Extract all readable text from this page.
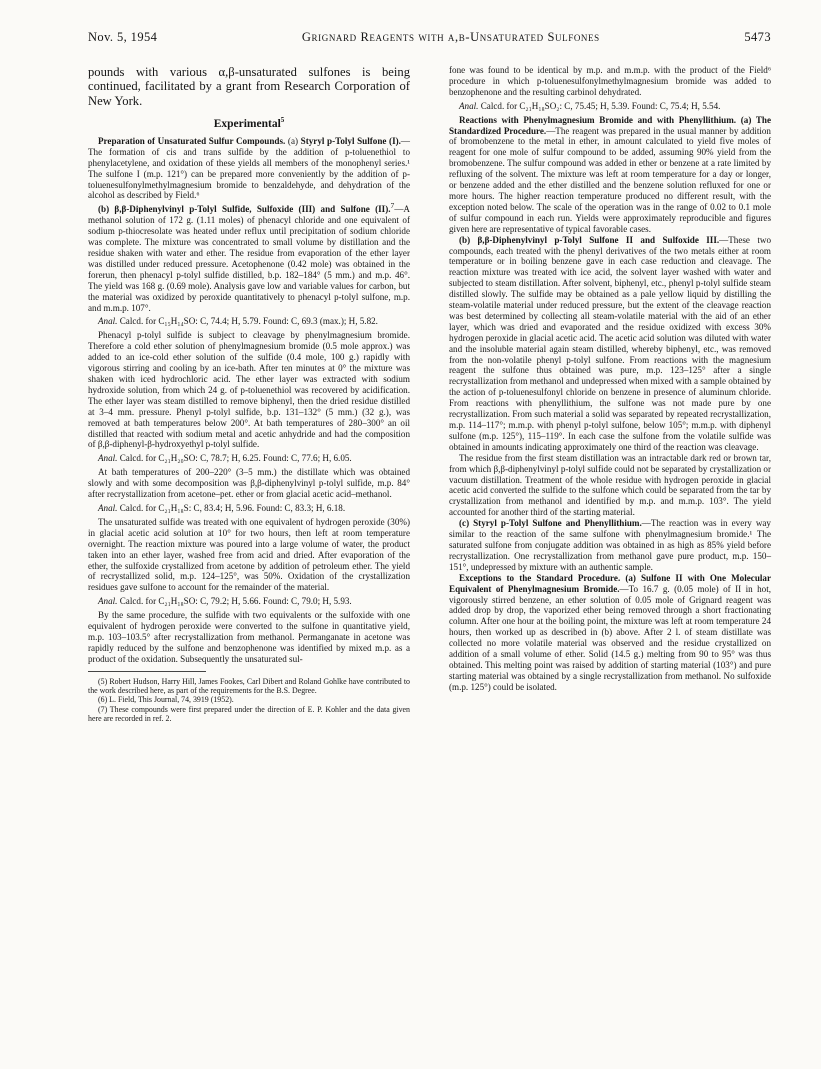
Nov. 5, 1954	Grignard Reagents with α,β-Unsaturated Sulfones	5473

pounds with various α,β-unsaturated sulfones is being continued, facilitated by a grant from Research Corporation of New York.

Experimental$^5$

Preparation of Unsaturated Sulfur Compounds. (a) Styryl p-Tolyl Sulfone (I).—The formation of cis and trans sulfide by the addition of p-toluenethiol to phenylacetylene, and oxidation of these yields all members of the monophenyl series.¹ The sulfone I (m.p. 121°) can be prepared more conveniently by the addition of p-toluenesulfonylmethylmagnesium bromide to benzaldehyde, and dehydration of the alcohol as described by Field.⁶

(b) β,β-Diphenylvinyl p-Tolyl Sulfide, Sulfoxide (III) and Sulfone (II).$^7$—A methanol solution of 172 g. (1.11 moles) of phenacyl chloride and one equivalent of sodium p-thiocresolate was heated under reflux until precipitation of sodium chloride was complete. The mixture was concentrated to small volume by distillation and the residue shaken with water and ether. The residue from evaporation of the ether layer was distilled under reduced pressure. Acetophenone (0.42 mole) was obtained in the forerun, then phenacyl p-tolyl sulfide distilled, b.p. 182–184° (5 mm.) and m.p. 46°. The yield was 168 g. (0.69 mole). Analysis gave low and variable values for carbon, but the material was oxidized by peroxide quantitatively to phenacyl p-tolyl sulfone, m.p. and m.m.p. 107°.

Anal. Calcd. for C₁₅H₁₄SO: C, 74.4; H, 5.79. Found: C, 69.3 (max.); H, 5.82.

Phenacyl p-tolyl sulfide is subject to cleavage by phenylmagnesium bromide. Therefore a cold ether solution of phenylmagnesium bromide (0.5 mole approx.) was added to an ice-cold ether solution of the sulfide (0.4 mole, 100 g.) rapidly with vigorous stirring and cooling by an ice-bath. After ten minutes at 0° the mixture was shaken with iced hydrochloric acid. The ether layer was extracted with sodium hydroxide solution, from which 24 g. of p-toluenethiol was recovered by acidification. The ether layer was steam distilled to remove biphenyl, then the dried residue distilled at 3–4 mm. pressure. Phenyl p-tolyl sulfide, b.p. 131–132° (5 mm.) (32 g.), was removed at bath temperatures below 200°. At bath temperatures of 280–300° an oil distilled that reacted with sodium metal and acetic anhydride and had the composition of β,β-diphenyl-β-hydroxyethyl p-tolyl sulfide.

Anal. Calcd. for C₂₁H₂₀SO: C, 78.7; H, 6.25. Found: C, 77.6; H, 6.05.

At bath temperatures of 200–220° (3–5 mm.) the distillate which was obtained slowly and with some decomposition was β,β-diphenylvinyl p-tolyl sulfide, m.p. 84° after recrystallization from acetone–pet. ether or from glacial acetic acid–methanol.

Anal. Calcd. for C₂₁H₁₈S: C, 83.4; H, 5.96. Found: C, 83.3; H, 6.18.

The unsaturated sulfide was treated with one equivalent of hydrogen peroxide (30%) in glacial acetic acid solution at 10° for two hours, then left at room temperature overnight. The reaction mixture was poured into a large volume of water, the product taken into an ether layer, washed free from acid and dried. After evaporation of the ether, the sulfoxide crystallized from acetone by addition of petroleum ether. The yield of recrystallized solid, m.p. 124–125°, was 50%. Oxidation of the crystallization residues gave sulfone to account for the remainder of the material.

Anal. Calcd. for C₂₁H₁₈SO: C, 79.2; H, 5.66. Found: C, 79.0; H, 5.93.

By the same procedure, the sulfide with two equivalents or the sulfoxide with one equivalent of hydrogen peroxide were converted to the sulfone in quantitative yield, m.p. 103–103.5° after recrystallization from methanol. Permanganate in acetone was rapidly reduced by the sulfone and benzophenone was identified by mixed m.p. as a product of the oxidation. Subsequently the unsaturated sul-

(5) Robert Hudson, Harry Hill, James Fookes, Carl Dibert and Roland Gohlke have contributed to the work described here, as part of the requirements for the B.S. Degree.

(6) L. Field, This Journal, 74, 3919 (1952).

(7) These compounds were first prepared under the direction of E. P. Kohler and the data given here are recorded in ref. 2.

fone was found to be identical by m.p. and m.m.p. with the product of the Field⁶ procedure in which p-toluenesulfonylmethylmagnesium bromide was added to benzophenone and the resulting carbinol dehydrated.

Anal. Calcd. for C₂₁H₁₈SO₂: C, 75.45; H, 5.39. Found: C, 75.4; H, 5.54.

Reactions with Phenylmagnesium Bromide and with Phenyllithium. (a) The Standardized Procedure.—The reagent was prepared in the usual manner by addition of bromobenzene to the metal in ether, in amount calculated to yield five moles of reagent for one mole of sulfur compound to be added, assuming 90% yield from the bromobenzene. The sulfur compound was added in ether or benzene at a rate limited by refluxing of the solvent. The mixture was left at room temperature for a day or longer, or benzene added and the ether distilled and the benzene solution refluxed for one or more hours. The higher reaction temperature produced no different result, with the exception noted below. The scale of the operation was in the range of 0.02 to 0.1 mole of sulfur compound in each run. Yields were approximately reproducible and figures given here are representative of typical favorable cases.

(b) β,β-Diphenylvinyl p-Tolyl Sulfone II and Sulfoxide III.—These two compounds, each treated with the phenyl derivatives of the two metals either at room temperature or in boiling benzene gave in each case reduction and cleavage. The reaction mixture was treated with ice acid, the solvent layer washed with water and subjected to steam distillation. After solvent, biphenyl, etc., phenyl p-tolyl sulfide steam distilled slowly. The sulfide may be obtained as a pale yellow liquid by distilling the steam-volatile material under reduced pressure, but the extent of the cleavage reaction was best determined by collecting all steam-volatile material with the aid of an ether layer, which was dried and evaporated and the residue oxidized with excess 30% hydrogen peroxide in glacial acetic acid. The acetic acid solution was diluted with water and the insoluble material again steam distilled, whereby biphenyl, etc., was removed from the non-volatile phenyl p-tolyl sulfone. From reactions with the magnesium reagent the sulfone thus obtained was pure, m.p. 123–125° after a single recrystallization from methanol and undepressed when mixed with a sample obtained by the action of p-toluenesulfonyl chloride on benzene in presence of aluminum chloride. From reactions with phenyllithium, the sulfone was not made pure by one recrystallization. From such material a solid was separated by repeated recrystallization, m.p. 114–117°; m.m.p. with phenyl p-tolyl sulfone, below 105°; m.m.p. with diphenyl sulfone (m.p. 125°), 115–119°. In each case the sulfone from the volatile sulfide was obtained in amounts indicating approximately one third of the reaction was cleavage.

The residue from the first steam distillation was an intractable dark red or brown tar, from which β,β-diphenylvinyl p-tolyl sulfide could not be separated by crystallization or vacuum distillation. Treatment of the whole residue with hydrogen peroxide in glacial acetic acid converted the sulfide to the sulfone which could be separated from the tar by crystallization from methanol and identified by m.p. and m.m.p. 103°. The yield accounted for another third of the starting material.

(c) Styryl p-Tolyl Sulfone and Phenyllithium.—The reaction was in every way similar to the reaction of the same sulfone with phenylmagnesium bromide.¹ The saturated sulfone from conjugate addition was obtained in as high as 85% yield before recrystallization. One recrystallization from methanol gave pure product, m.p. 150–151°, undepressed by mixture with an authentic sample.

Exceptions to the Standard Procedure. (a) Sulfone II with One Molecular Equivalent of Phenylmagnesium Bromide.—To 16.7 g. (0.05 mole) of II in hot, vigorously stirred benzene, an ether solution of 0.05 mole of Grignard reagent was added drop by drop, the vaporized ether being removed through a short fractionating column. After one hour at the boiling point, the mixture was left at room temperature 24 hours, then worked up as described in (b) above. After 2 l. of steam distillate was collected no more volatile material was observed and the residue crystallized on addition of a small volume of ether. Solid (14.5 g.) melting from 90 to 95° was thus obtained. This melting point was raised by addition of starting material (103°) and pure starting material was obtained by a single recrystallization from methanol. No sulfoxide (m.p. 125°) could be isolated.
